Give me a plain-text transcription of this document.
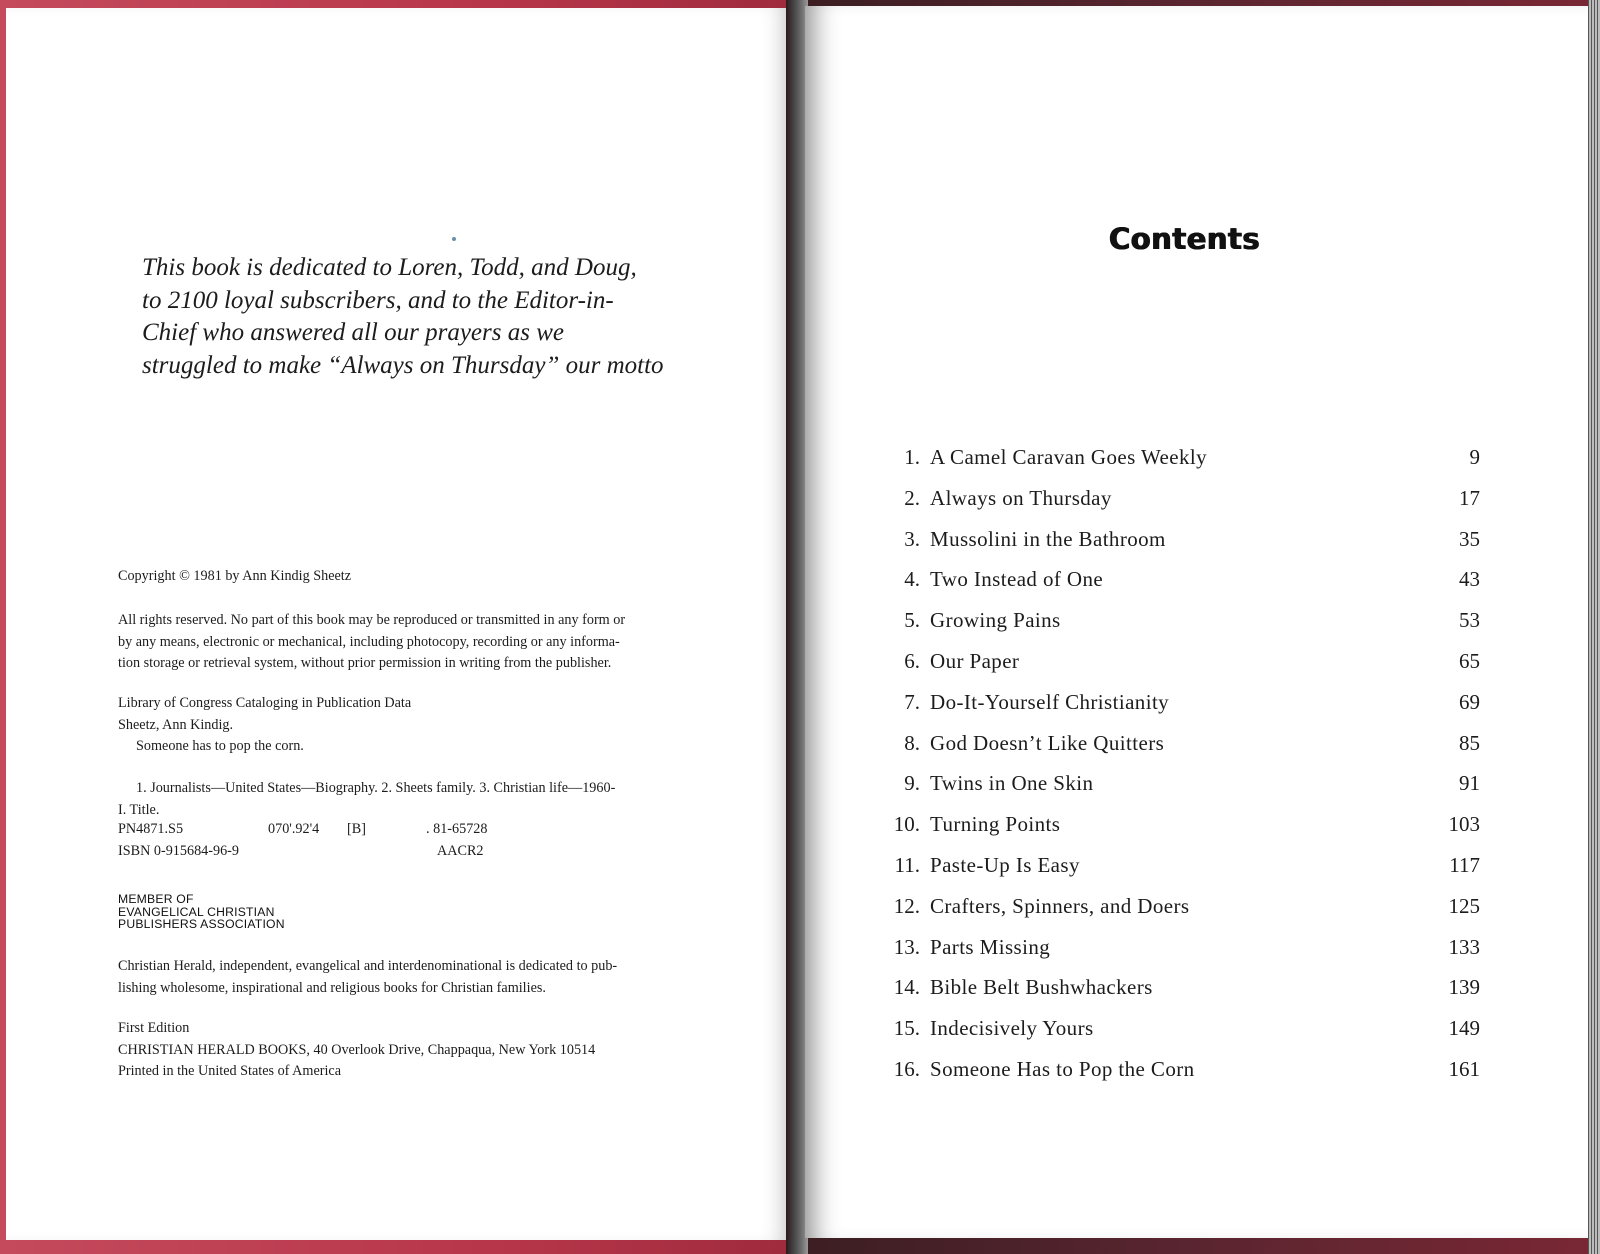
This book is dedicated to Loren, Todd, and Doug,
to 2100 loyal subscribers, and to the Editor-in-
Chief who answered all our prayers as we
struggled to make “Always on Thursday” our motto
Copyright © 1981 by Ann Kindig Sheetz
All rights reserved. No part of this book may be reproduced or transmitted in any form or
by any means, electronic or mechanical, including photocopy, recording or any informa-
tion storage or retrieval system, without prior permission in writing from the publisher.
Library of Congress Cataloging in Publication Data
Sheetz, Ann Kindig.
Someone has to pop the corn.
1. Journalists—United States—Biography. 2. Sheets family. 3. Christian life—1960-
I. Title.
PN4871.S5	070'.92'4 [B]	. 81-65728
ISBN 0-915684-96-9	AACR2
MEMBER OF
EVANGELICAL CHRISTIAN
PUBLISHERS ASSOCIATION
Christian Herald, independent, evangelical and interdenominational is dedicated to pub-
lishing wholesome, inspirational and religious books for Christian families.
First Edition
CHRISTIAN HERALD BOOKS, 40 Overlook Drive, Chappaqua, New York 10514
Printed in the United States of America
Contents
1. A Camel Caravan Goes Weekly	9
2. Always on Thursday	17
3. Mussolini in the Bathroom	35
4. Two Instead of One	43
5. Growing Pains	53
6. Our Paper	65
7. Do-It-Yourself Christianity	69
8. God Doesn’t Like Quitters	85
9. Twins in One Skin	91
10. Turning Points	103
11. Paste-Up Is Easy	117
12. Crafters, Spinners, and Doers	125
13. Parts Missing	133
14. Bible Belt Bushwhackers	139
15. Indecisively Yours	149
16. Someone Has to Pop the Corn	161
